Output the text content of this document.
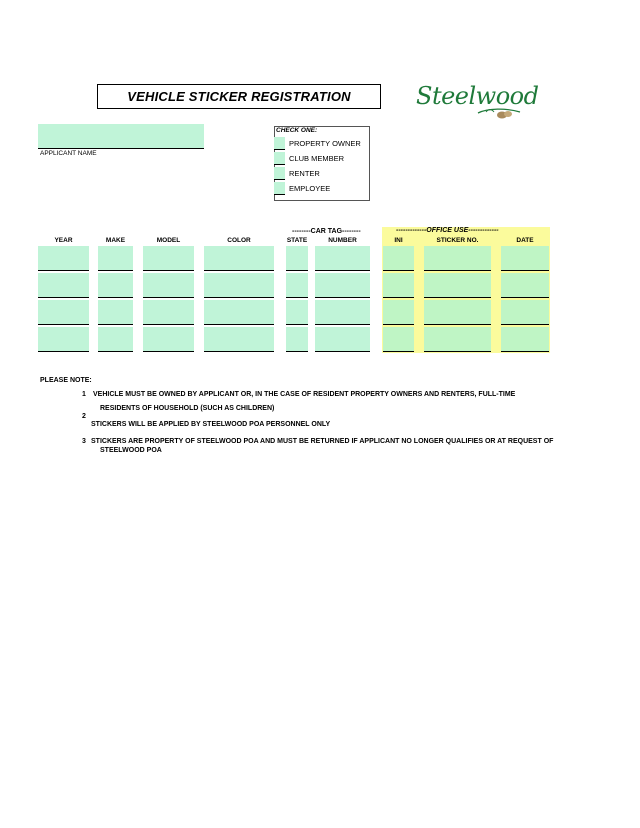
VEHICLE STICKER REGISTRATION	Steelwood
APPLICANT NAME
CHECK ONE:
PROPERTY OWNER
CLUB MEMBER
RENTER
EMPLOYEE
--------CAR TAG--------	-------------OFFICE USE-------------
YEAR	MAKE	MODEL	COLOR	STATE	NUMBER	INI	STICKER NO.	DATE
PLEASE NOTE:
1 VEHICLE MUST BE OWNED BY APPLICANT OR, IN THE CASE OF RESIDENT PROPERTY OWNERS AND RENTERS, FULL-TIME
RESIDENTS OF HOUSEHOLD (SUCH AS CHILDREN)
2
STICKERS WILL BE APPLIED BY STEELWOOD POA PERSONNEL ONLY
3 STICKERS ARE PROPERTY OF STEELWOOD POA AND MUST BE RETURNED IF APPLICANT NO LONGER QUALIFIES OR AT REQUEST OF
STEELWOOD POA
